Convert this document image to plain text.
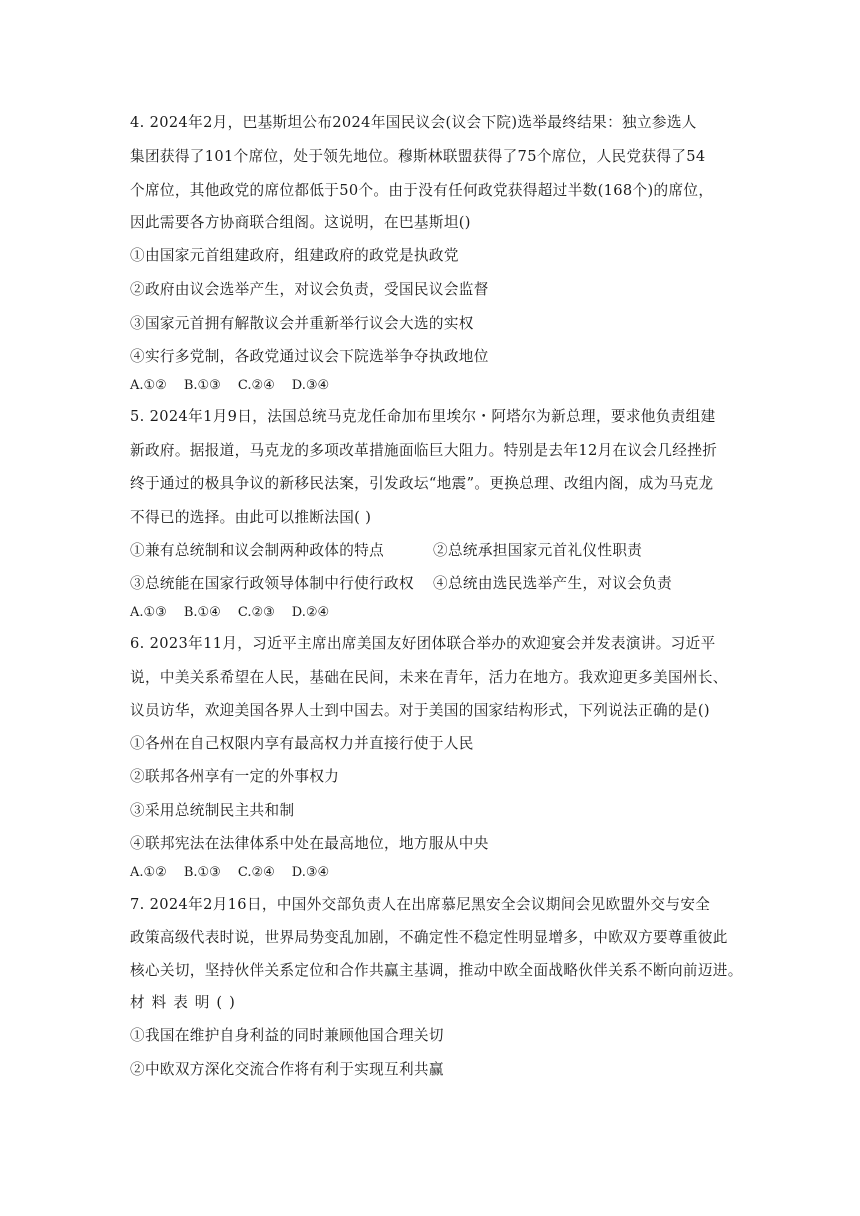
4. 2024年2月，巴基斯坦公布2024年国民议会(议会下院)选举最终结果：独立参选人
集团获得了101个席位，处于领先地位。穆斯林联盟获得了75个席位，人民党获得了54
个席位，其他政党的席位都低于50个。由于没有任何政党获得超过半数(168个)的席位，
因此需要各方协商联合组阁。这说明，在巴基斯坦()
①由国家元首组建政府，组建政府的政党是执政党
②政府由议会选举产生，对议会负责，受国民议会监督
③国家元首拥有解散议会并重新举行议会大选的实权
④实行多党制，各政党通过议会下院选举争夺执政地位
A.①② B.①③ C.②④ D.③④
5. 2024年1月9日，法国总统马克龙任命加布里埃尔・阿塔尔为新总理，要求他负责组建
新政府。据报道，马克龙的多项改革措施面临巨大阻力。特别是去年12月在议会几经挫折
终于通过的极具争议的新移民法案，引发政坛“地震”。更换总理、改组内阁，成为马克龙
不得已的选择。由此可以推断法国( )
①兼有总统制和议会制两种政体的特点	②总统承担国家元首礼仪性职责
③总统能在国家行政领导体制中行使行政权 ④总统由选民选举产生，对议会负责
A.①③ B.①④ C.②③ D.②④
6. 2023年11月，习近平主席出席美国友好团体联合举办的欢迎宴会并发表演讲。习近平
说，中美关系希望在人民，基础在民间，未来在青年，活力在地方。我欢迎更多美国州长、
议员访华，欢迎美国各界人士到中国去。对于美国的国家结构形式，下列说法正确的是()
①各州在自己权限内享有最高权力并直接行使于人民
②联邦各州享有一定的外事权力
③采用总统制民主共和制
④联邦宪法在法律体系中处在最高地位，地方服从中央
A.①② B.①③ C.②④ D.③④
7. 2024年2月16日，中国外交部负责人在出席慕尼黑安全会议期间会见欧盟外交与安全
政策高级代表时说，世界局势变乱加剧，不确定性不稳定性明显增多，中欧双方要尊重彼此
核心关切，坚持伙伴关系定位和合作共赢主基调，推动中欧全面战略伙伴关系不断向前迈进。
材料表明()
①我国在维护自身利益的同时兼顾他国合理关切
②中欧双方深化交流合作将有利于实现互利共赢
